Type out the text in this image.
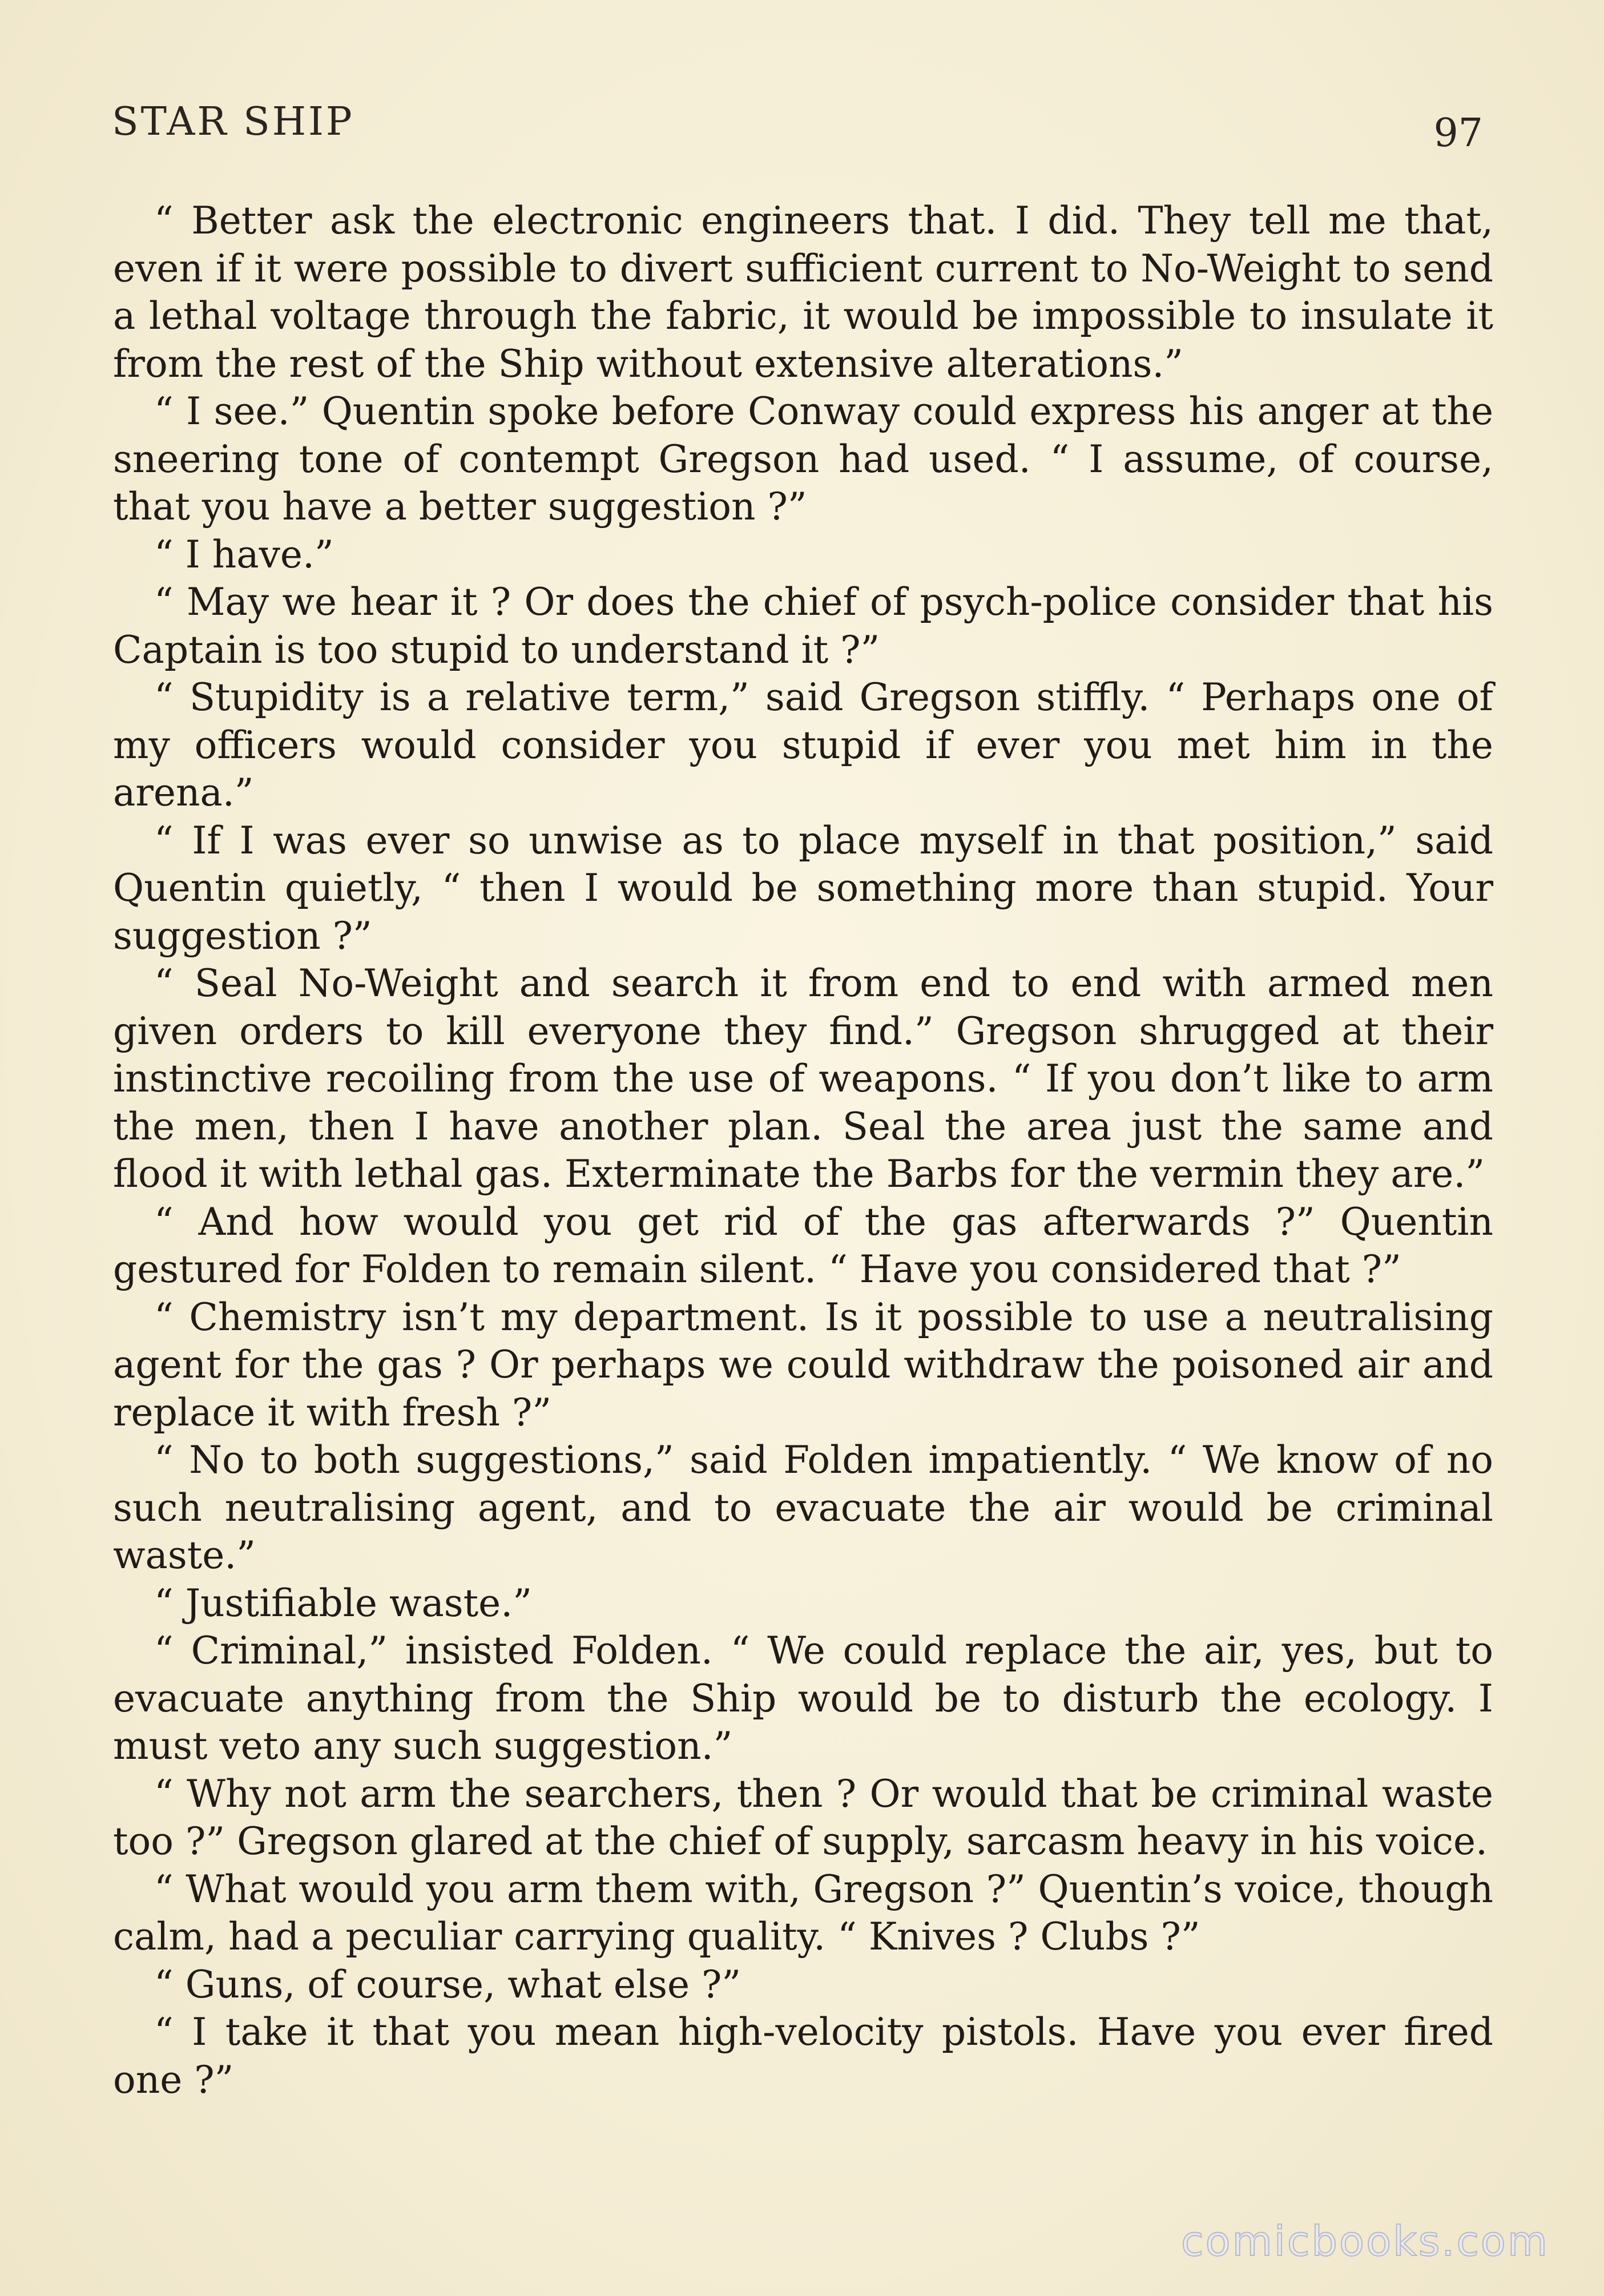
STAR SHIP	97

“ Better ask the electronic engineers that. I did. They tell me that, even if it were possible to divert sufficient current to No-Weight to send a lethal voltage through the fabric, it would be impossible to insulate it from the rest of the Ship without extensive alterations.”

“ I see.” Quentin spoke before Conway could express his anger at the sneering tone of contempt Gregson had used. “ I assume, of course, that you have a better suggestion ?”

“ I have.”

“ May we hear it ? Or does the chief of psych-police consider that his Captain is too stupid to understand it ?”

“ Stupidity is a relative term,” said Gregson stiffly. “ Perhaps one of my officers would consider you stupid if ever you met him in the arena.”

“ If I was ever so unwise as to place myself in that position,” said Quentin quietly, “ then I would be something more than stupid. Your suggestion ?”

“ Seal No-Weight and search it from end to end with armed men given orders to kill everyone they find.” Gregson shrugged at their instinctive recoiling from the use of weapons. “ If you don’t like to arm the men, then I have another plan. Seal the area just the same and flood it with lethal gas. Exterminate the Barbs for the vermin they are.”

“ And how would you get rid of the gas afterwards ?” Quentin gestured for Folden to remain silent. “ Have you considered that ?”

“ Chemistry isn’t my department. Is it possible to use a neutralising agent for the gas ? Or perhaps we could withdraw the poisoned air and replace it with fresh ?”

“ No to both suggestions,” said Folden impatiently. “ We know of no such neutralising agent, and to evacuate the air would be criminal waste.”

“ Justifiable waste.”

“ Criminal,” insisted Folden. “ We could replace the air, yes, but to evacuate anything from the Ship would be to disturb the ecology. I must veto any such suggestion.”

“ Why not arm the searchers, then ? Or would that be criminal waste too ?” Gregson glared at the chief of supply, sarcasm heavy in his voice.

“ What would you arm them with, Gregson ?” Quentin’s voice, though calm, had a peculiar carrying quality. “ Knives ? Clubs ?”

“ Guns, of course, what else ?”

“ I take it that you mean high-velocity pistols. Have you ever fired one ?”

comicbooks.com
